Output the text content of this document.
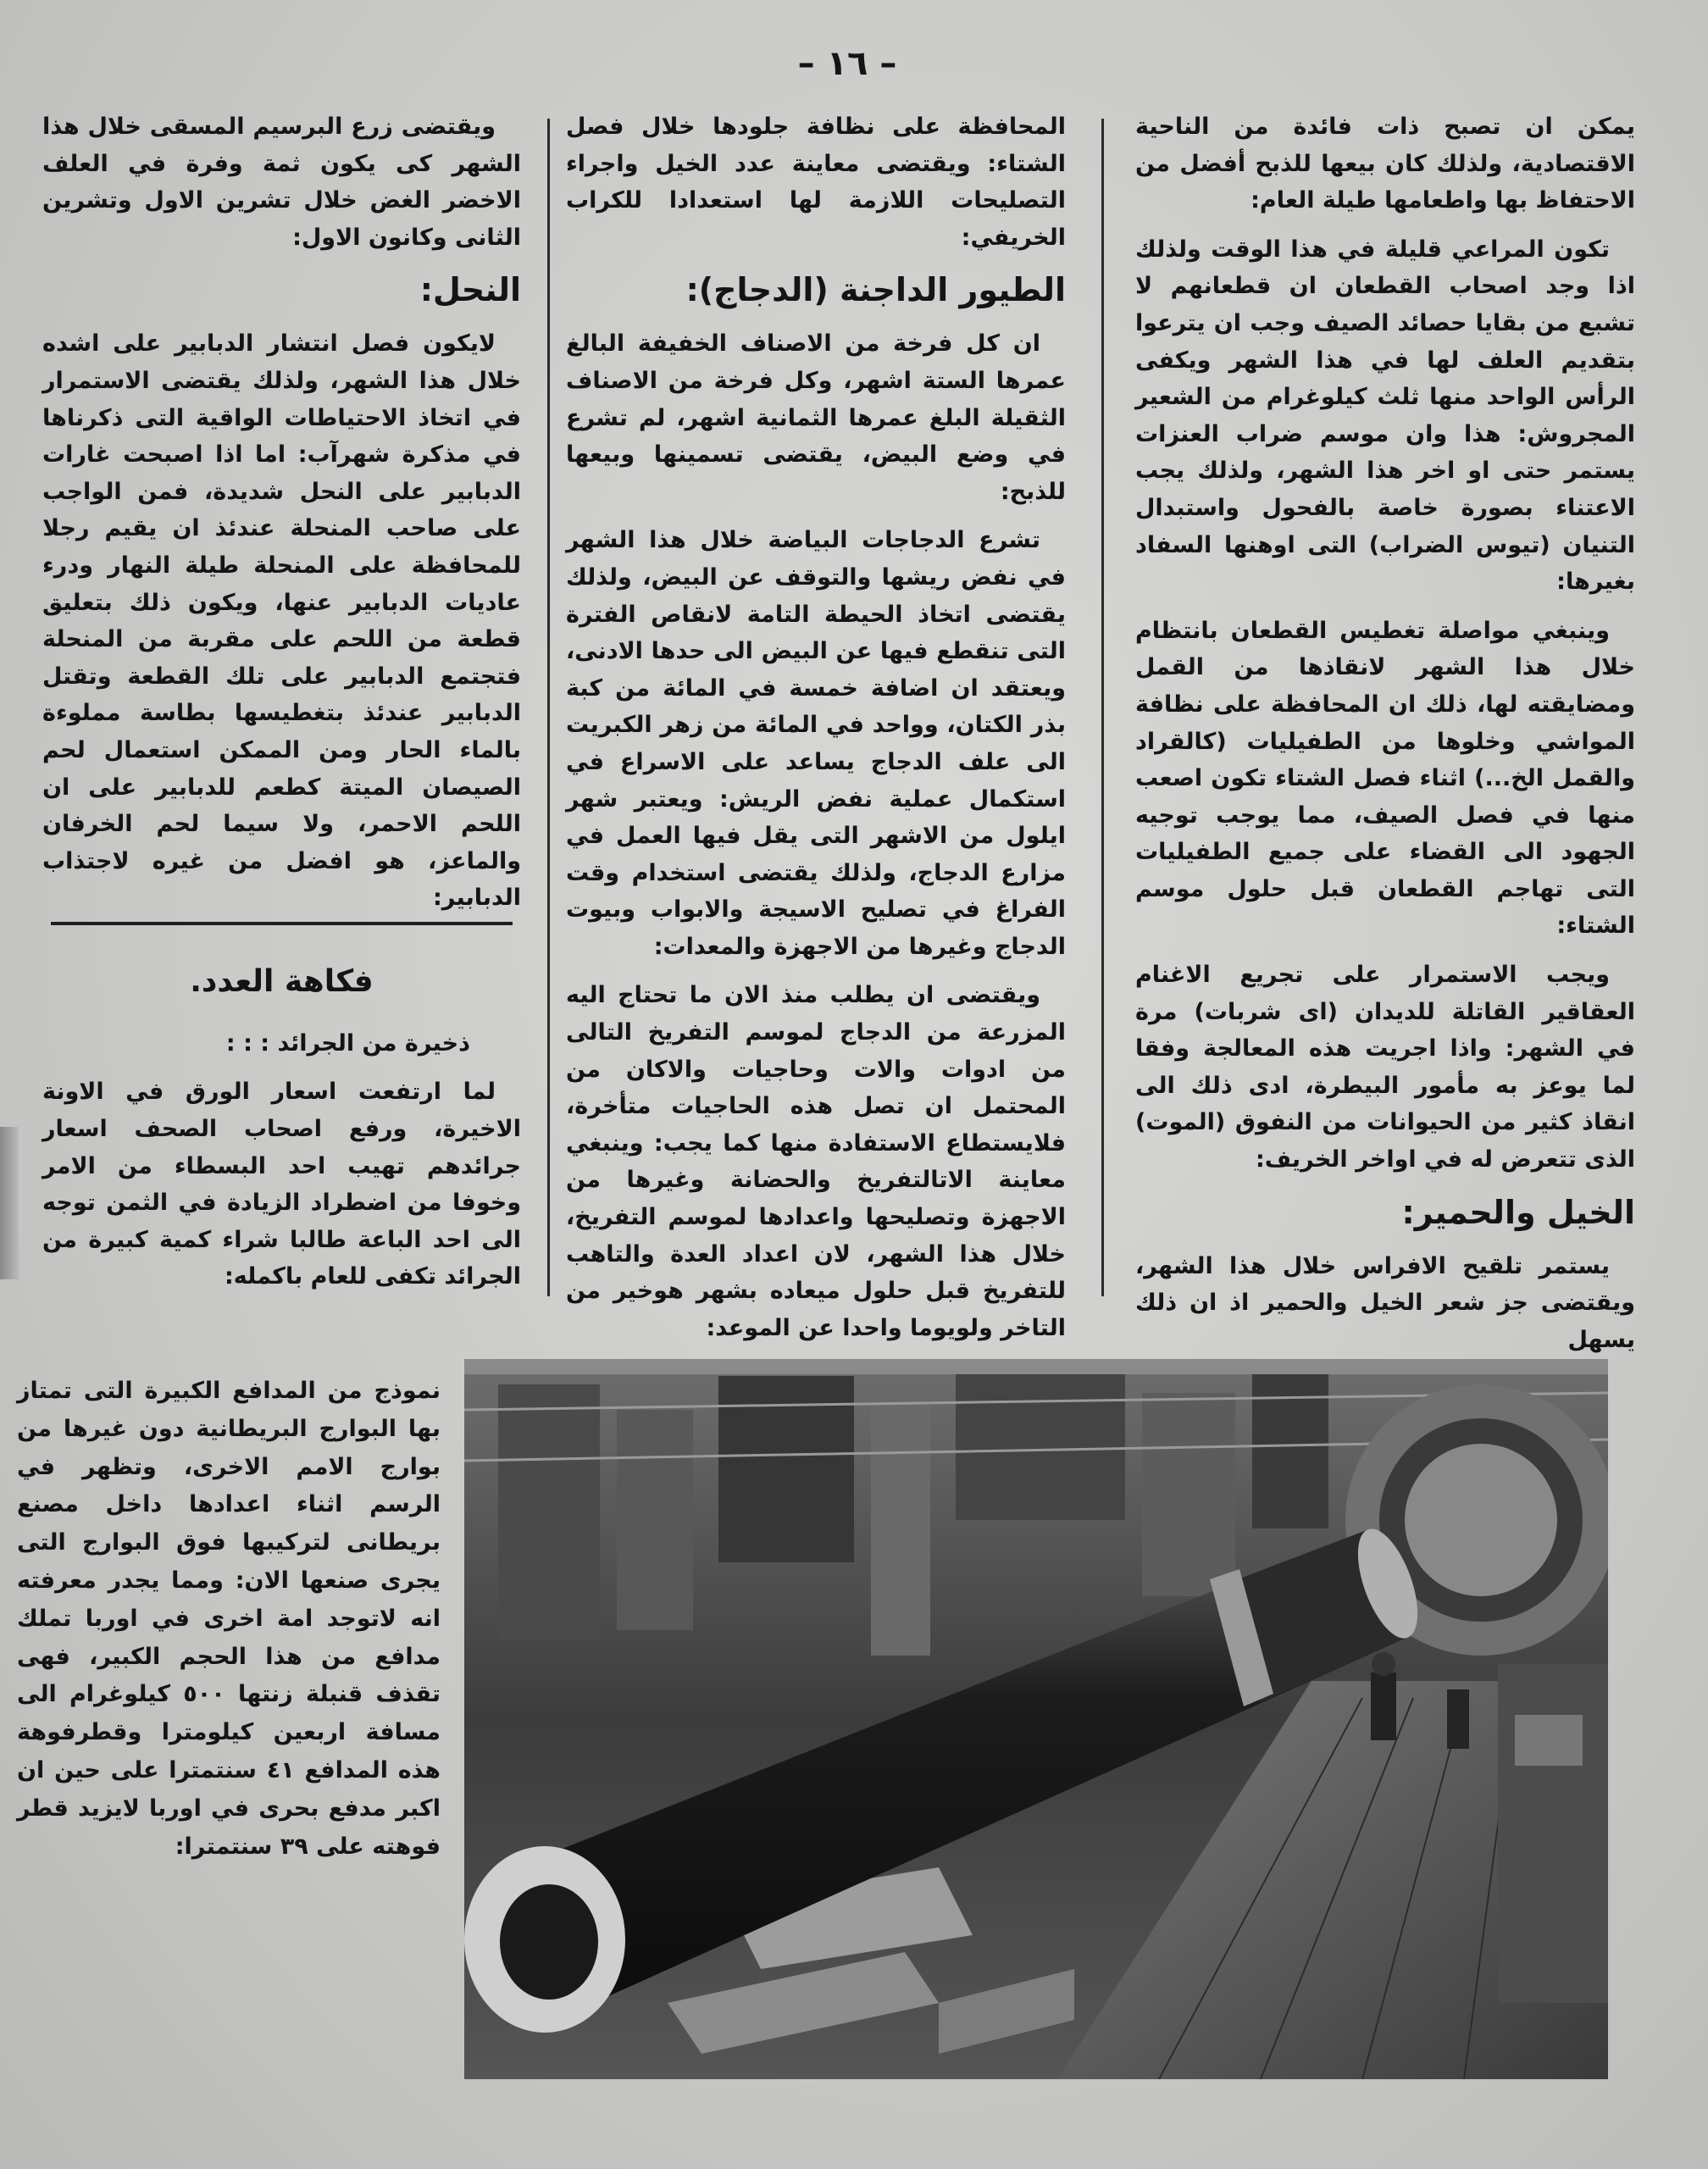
– ١٦ –

يمكن ان تصبح ذات فائدة من الناحية الاقتصادية، ولذلك كان بيعها للذبح أفضل من الاحتفاظ بها واطعامها طيلة العام:

تكون المراعي قليلة في هذا الوقت ولذلك اذا وجد اصحاب القطعان ان قطعانهم لا تشبع من بقايا حصائد الصيف وجب ان يترعوا بتقديم العلف لها في هذا الشهر ويكفى الرأس الواحد منها ثلث كيلوغرام من الشعير المجروش: هذا وان موسم ضراب العنزات يستمر حتى او اخر هذا الشهر، ولذلك يجب الاعتناء بصورة خاصة بالفحول واستبدال التنيان (تيوس الضراب) التى اوهنها السفاد بغيرها:

وينبغي مواصلة تغطيس القطعان بانتظام خلال هذا الشهر لانقاذها من القمل ومضايقته لها، ذلك ان المحافظة على نظافة المواشي وخلوها من الطفيليات (كالقراد والقمل الخ...) اثناء فصل الشتاء تكون اصعب منها في فصل الصيف، مما يوجب توجيه الجهود الى القضاء على جميع الطفيليات التى تهاجم القطعان قبل حلول موسم الشتاء:

ويجب الاستمرار على تجريع الاغنام العقاقير القاتلة للديدان (اى شربات) مرة في الشهر: واذا اجريت هذه المعالجة وفقا لما يوعز به مأمور البيطرة، ادى ذلك الى انقاذ كثير من الحيوانات من النفوق (الموت) الذى تتعرض له في اواخر الخريف:

الخيل والحمير:

يستمر تلقيح الافراس خلال هذا الشهر، ويقتضى جز شعر الخيل والحمير اذ ان ذلك يسهل

المحافظة على نظافة جلودها خلال فصل الشتاء: ويقتضى معاينة عدد الخيل واجراء التصليحات اللازمة لها استعدادا للكراب الخريفي:

الطيور الداجنة (الدجاج):

ان كل فرخة من الاصناف الخفيفة البالغ عمرها الستة اشهر، وكل فرخة من الاصناف الثقيلة البلغ عمرها الثمانية اشهر، لم تشرع في وضع البيض، يقتضى تسمينها وبيعها للذبح:

تشرع الدجاجات البياضة خلال هذا الشهر في نفض ريشها والتوقف عن البيض، ولذلك يقتضى اتخاذ الحيطة التامة لانقاص الفترة التى تنقطع فيها عن البيض الى حدها الادنى، ويعتقد ان اضافة خمسة في المائة من كبة بذر الكتان، وواحد في المائة من زهر الكبريت الى علف الدجاج يساعد على الاسراع في استكمال عملية نفض الريش: ويعتبر شهر ايلول من الاشهر التى يقل فيها العمل في مزارع الدجاج، ولذلك يقتضى استخدام وقت الفراغ في تصليح الاسيجة والابواب وبيوت الدجاج وغيرها من الاجهزة والمعدات:

ويقتضى ان يطلب منذ الان ما تحتاج اليه المزرعة من الدجاج لموسم التفريخ التالى من ادوات والات وحاجيات والاكان من المحتمل ان تصل هذه الحاجيات متأخرة، فلايستطاع الاستفادة منها كما يجب: وينبغي معاينة الاتالتفريخ والحضانة وغيرها من الاجهزة وتصليحها واعدادها لموسم التفريخ، خلال هذا الشهر، لان اعداد العدة والتاهب للتفريخ قبل حلول ميعاده بشهر هوخير من التاخر ولويوما واحدا عن الموعد:

ويقتضى زرع البرسيم المسقى خلال هذا الشهر كى يكون ثمة وفرة في العلف الاخضر الغض خلال تشرين الاول وتشرين الثانى وكانون الاول:

النحل:

لايكون فصل انتشار الدبابير على اشده خلال هذا الشهر، ولذلك يقتضى الاستمرار في اتخاذ الاحتياطات الواقية التى ذكرناها في مذكرة شهرآب: اما اذا اصبحت غارات الدبابير على النحل شديدة، فمن الواجب على صاحب المنحلة عندئذ ان يقيم رجلا للمحافظة على المنحلة طيلة النهار ودرء عاديات الدبابير عنها، ويكون ذلك بتعليق قطعة من اللحم على مقربة من المنحلة فتجتمع الدبابير على تلك القطعة وتقتل الدبابير عندئذ بتغطيسها بطاسة مملوءة بالماء الحار ومن الممكن استعمال لحم الصيصان الميتة كطعم للدبابير على ان اللحم الاحمر، ولا سيما لحم الخرفان والماعز، هو افضل من غيره لاجتذاب الدبابير:

فكاهة العدد.

ذخيرة من الجرائد : : :

لما ارتفعت اسعار الورق في الاونة الاخيرة، ورفع اصحاب الصحف اسعار جرائدهم تهيب احد البسطاء من الامر وخوفا من اضطراد الزيادة في الثمن توجه الى احد الباعة طالبا شراء كمية كبيرة من الجرائد تكفى للعام باكمله:

نموذج من المدافع الكبيرة التى تمتاز بها البوارج البريطانية دون غيرها من بوارج الامم الاخرى، وتظهر في الرسم اثناء اعدادها داخل مصنع بريطانى لتركيبها فوق البوارج التى يجرى صنعها الان: ومما يجدر معرفته انه لاتوجد امة اخرى في اوربا تملك مدافع من هذا الحجم الكبير، فهى تقذف قنبلة زنتها ٥٠٠ كيلوغرام الى مسافة اربعين كيلومترا وقطرفوهة هذه المدافع ٤١ سنتمترا على حين ان اكبر مدفع بحرى في اوربا لايزيد قطر فوهته على ٣٩ سنتمترا:
